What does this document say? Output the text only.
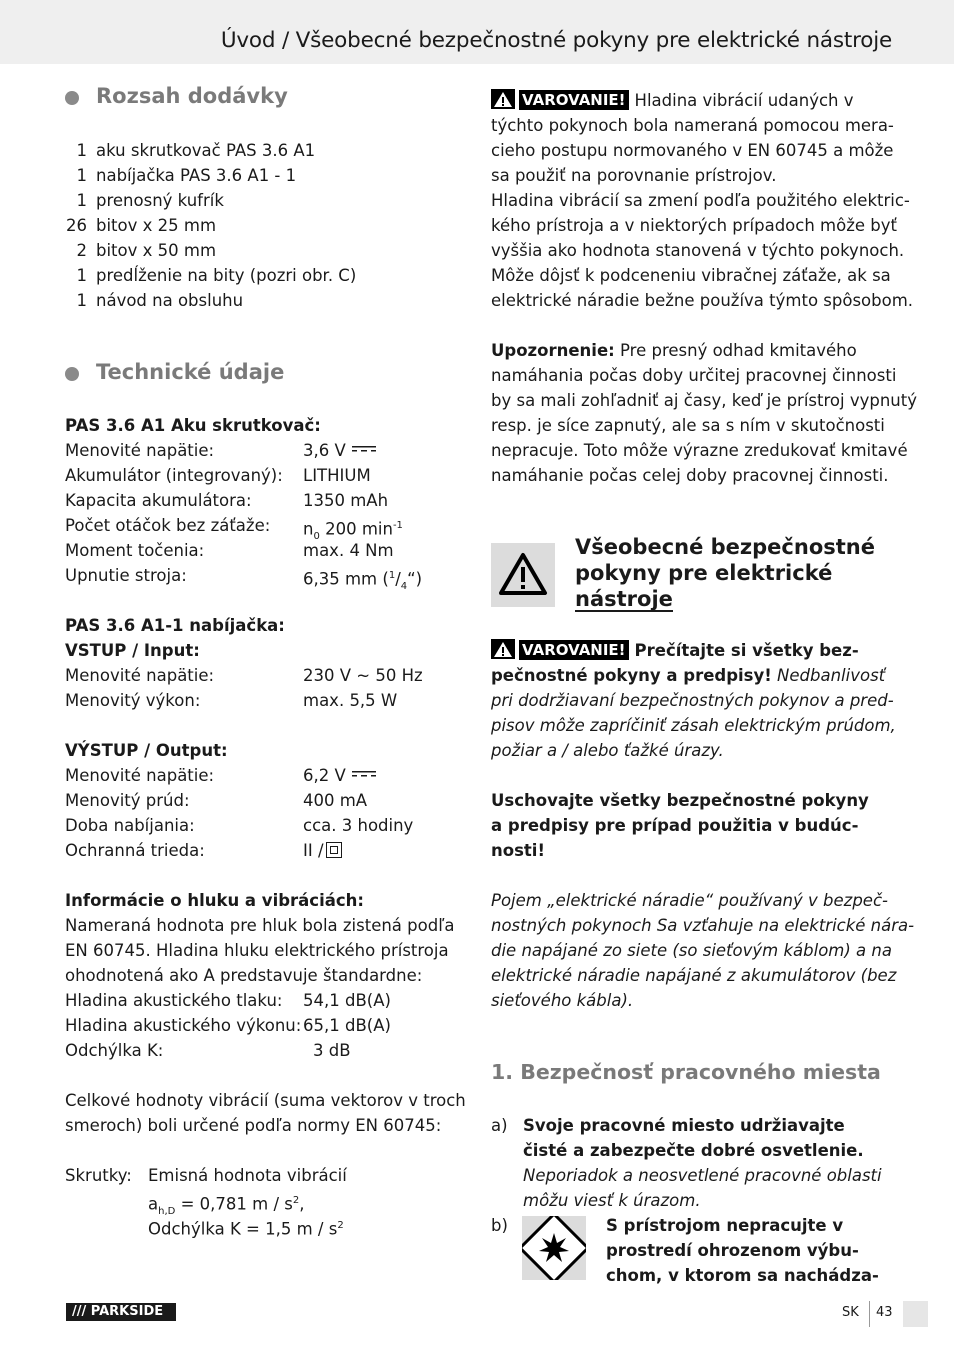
Úvod / Všeobecné bezpečnostné pokyny pre elektrické nástroje
Rozsah dodávky
1 aku skrutkovač PAS 3.6 A1
1 nabíjačka PAS 3.6 A1 - 1
1 prenosný kufrík
26 bitov x 25 mm
2 bitov x 50 mm
1 predĺženie na bity (pozri obr. C)
1 návod na obsluhu
Technické údaje
PAS 3.6 A1 Aku skrutkovač:
Menovité napätie:	3,6 V
Akumulátor (integrovaný): LITHIUM
Kapacita akumulátora:	1350 mAh
Počet otáčok bez záťaže: $n_0$ 200 $\min^{-1}$
Moment točenia:	max. 4 Nm
Upnutie stroja:	6,35 mm $(^1/_4“)$
PAS 3.6 A1-1 nabíjačka:
VSTUP / Input:
Menovité napätie:	230 V ~ 50 Hz
Menovitý výkon:	max. 5,5 W
VÝSTUP / Output:
Menovité napätie:	6,2 V
Menovitý prúd:	400 mA
Doba nabíjania:	cca. 3 hodiny
Ochranná trieda:	II /
Informácie o hluku a vibráciách:
Nameraná hodnota pre hluk bola zistená podľa
EN 60745. Hladina hluku elektrického prístroja
ohodnotená ako A predstavuje štandardne:
Hladina akustického tlaku: 54,1 dB(A)
Hladina akustického výkonu: 65,1 dB(A)
Odchýlka K:	3 dB
Celkové hodnoty vibrácií (suma vektorov v troch
smeroch) boli určené podľa normy EN 60745:
Skrutky: Emisná hodnota vibrácií
$a_{h,D} = 0,781$ m / $s^2$,
Odchýlka K = 1,5 m / $s^2$
VAROVANIE! Hladina vibrácií udaných v
týchto pokynoch bola nameraná pomocou mera-
cieho postupu normovaného v EN 60745 a môže
sa použiť na porovnanie prístrojov.
Hladina vibrácií sa zmení podľa použitého elektric-
kého prístroja a v niektorých prípadoch môže byť
vyššia ako hodnota stanovená v týchto pokynoch.
Môže dôjsť k podceneniu vibračnej záťaže, ak sa
elektrické náradie bežne používa týmto spôsobom.
Upozornenie: Pre presný odhad kmitavého
namáhania počas doby určitej pracovnej činnosti
by sa mali zohľadniť aj časy, keď je prístroj vypnutý
resp. je síce zapnutý, ale sa s ním v skutočnosti
nepracuje. Toto môže výrazne zredukovať kmitavé
namáhanie počas celej doby pracovnej činnosti.
Všeobecné bezpečnostné
pokyny pre elektrické
nástroje
VAROVANIE! Prečítajte si všetky bez-
pečnostné pokyny a predpisy! Nedbanlivosť
pri dodržiavaní bezpečnostných pokynov a pred-
pisov môže zapríčiniť zásah elektrickým prúdom,
požiar a / alebo ťažké úrazy.
Uschovajte všetky bezpečnostné pokyny
a predpisy pre prípad použitia v budúc-
nosti!
Pojem „elektrické náradie“ používaný v bezpeč-
nostných pokynoch Sa vzťahuje na elektrické nára-
die napájané zo siete (so sieťovým káblom) a na
elektrické náradie napájané z akumulátorov (bez
sieťového kábla).
1. Bezpečnosť pracovného miesta
a) Svoje pracovné miesto udržiavajte
čisté a zabezpečte dobré osvetlenie.
Neporiadok a neosvetlené pracovné oblasti
môžu viesť k úrazom.
b)	S prístrojom nepracujte v
prostredí ohrozenom výbu-
chom, v ktorom sa nachádza-
/// PARKSIDE	SK 43
